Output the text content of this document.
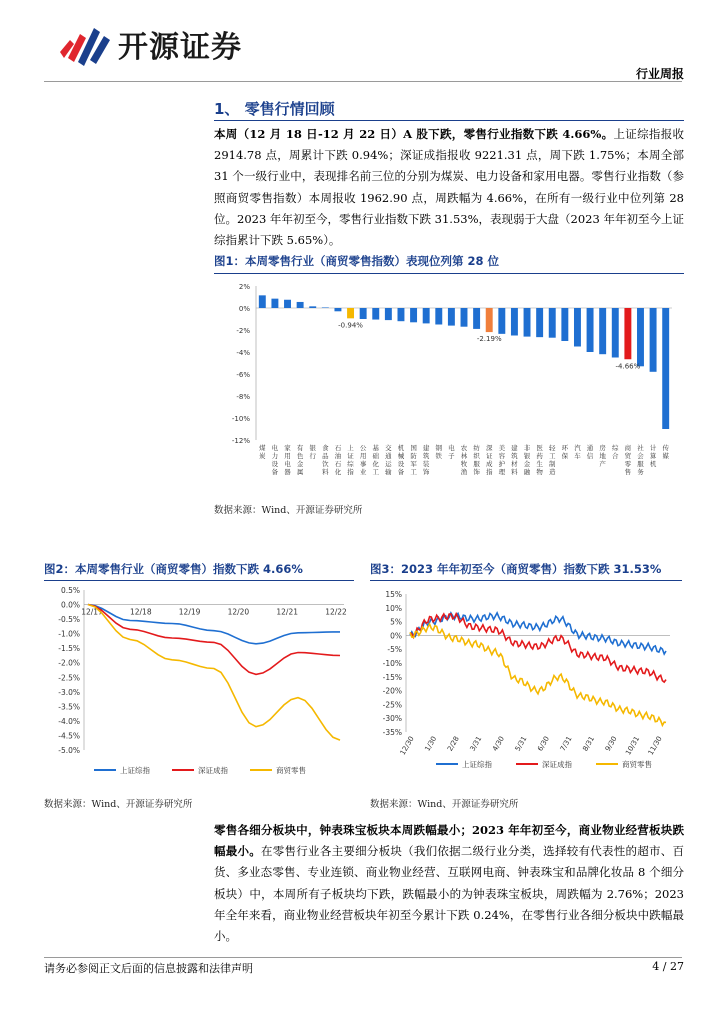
开源证券
行业周报
1、 零售行情回顾
本周（12 月 18 日-12 月 22 日）A 股下跌，零售行业指数下跌 4.66%。上证综指报收 2914.78 点，周累计下跌 0.94%；深证成指报收 9221.31 点，周下跌 1.75%；本周全部 31 个一级行业中，表现排名前三位的分别为煤炭、电力设备和家用电器。零售行业指数（参照商贸零售指数）本周报收 1962.90 点，周跌幅为 4.66%，在所有一级行业中位列第 28 位。2023 年年初至今，零售行业指数下跌 31.53%，表现弱于大盘（2023 年年初至今上证综指累计下跌 5.65%）。
图1：本周零售行业（商贸零售指数）表现位列第 28 位
2%
0%
-2%
-4%
-6%
-8%
-10%
-12%
煤炭
电力设备
家用电器
有色金属
银行
食品饮料
石油石化
上证综指
公用事业
基础化工
交通运输
机械设备
国防军工
建筑装饰
钢铁
电子
农林牧渔
纺织服饰
深证成指
美容护理
建筑材料
非银金融
医药生物
轻工制造
环保
汽车
通信
房地产
综合
商贸零售
社会服务
计算机
传媒
-0.94%
-2.19%
-4.66%
数据来源：Wind、开源证券研究所
图2：本周零售行业（商贸零售）指数下跌 4.66%
0.5%
0.0%
-0.5%
-1.0%
-1.5%
-2.0%
-2.5%
-3.0%
-3.5%
-4.0%
-4.5%
-5.0%
12/17	12/18	12/19	12/20	12/21	12/22
上证综指	深证成指	商贸零售
数据来源：Wind、开源证券研究所
图3：2023 年年初至今（商贸零售）指数下跌 31.53%
15%
10%
5%
0%
-5%
-10%
-15%
-20%
-25%
-30%
-35%
12/30 1/30 2/28 3/31 4/30 5/31 6/30 7/31 8/31 9/30 10/31 11/30
上证综指	深证成指	商贸零售
数据来源：Wind、开源证券研究所
零售各细分板块中，钟表珠宝板块本周跌幅最小；2023 年年初至今，商业物业经营板块跌幅最小。在零售行业各主要细分板块（我们依据二级行业分类，选择较有代表性的超市、百货、多业态零售、专业连锁、商业物业经营、互联网电商、钟表珠宝和品牌化妆品 8 个细分板块）中，本周所有子板块均下跌，跌幅最小的为钟表珠宝板块，周跌幅为 2.76%；2023 年全年来看，商业物业经营板块年初至今累计下跌 0.24%，在零售行业各细分板块中跌幅最小。
请务必参阅正文后面的信息披露和法律声明	4 / 27
